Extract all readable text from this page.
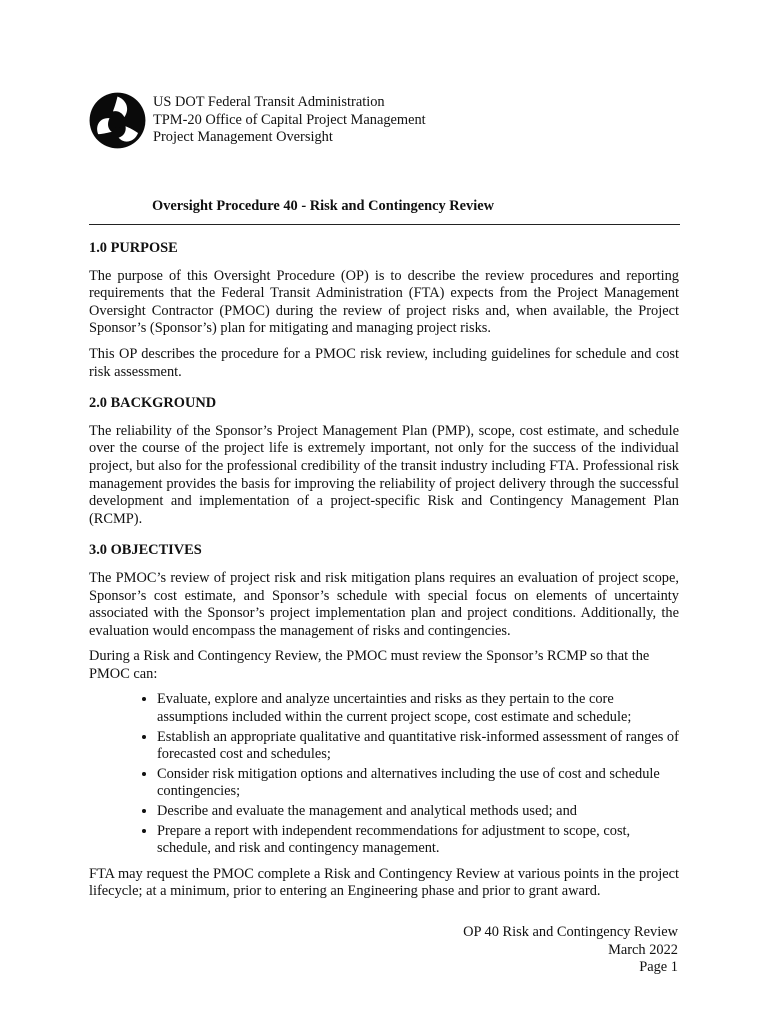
US DOT Federal Transit Administration
TPM-20 Office of Capital Project Management
Project Management Oversight
Oversight Procedure 40 - Risk and Contingency Review
1.0 PURPOSE

The purpose of this Oversight Procedure (OP) is to describe the review procedures and reporting requirements that the Federal Transit Administration (FTA) expects from the Project Management Oversight Contractor (PMOC) during the review of project risks and, when available, the Project Sponsor’s (Sponsor’s) plan for mitigating and managing project risks.

This OP describes the procedure for a PMOC risk review, including guidelines for schedule and cost risk assessment.

2.0 BACKGROUND

The reliability of the Sponsor’s Project Management Plan (PMP), scope, cost estimate, and schedule over the course of the project life is extremely important, not only for the success of the individual project, but also for the professional credibility of the transit industry including FTA. Professional risk management provides the basis for improving the reliability of project delivery through the successful development and implementation of a project-specific Risk and Contingency Management Plan (RCMP).

3.0 OBJECTIVES

The PMOC’s review of project risk and risk mitigation plans requires an evaluation of project scope, Sponsor’s cost estimate, and Sponsor’s schedule with special focus on elements of uncertainty associated with the Sponsor’s project implementation plan and project conditions. Additionally, the evaluation would encompass the management of risks and contingencies.

During a Risk and Contingency Review, the PMOC must review the Sponsor’s RCMP so that the PMOC can:

• Evaluate, explore and analyze uncertainties and risks as they pertain to the core assumptions included within the current project scope, cost estimate and schedule;
• Establish an appropriate qualitative and quantitative risk-informed assessment of ranges of forecasted cost and schedules;
• Consider risk mitigation options and alternatives including the use of cost and schedule contingencies;
• Describe and evaluate the management and analytical methods used; and
• Prepare a report with independent recommendations for adjustment to scope, cost, schedule, and risk and contingency management.

FTA may request the PMOC complete a Risk and Contingency Review at various points in the project lifecycle; at a minimum, prior to entering an Engineering phase and prior to grant award.

OP 40 Risk and Contingency Review
March 2022
Page 1
